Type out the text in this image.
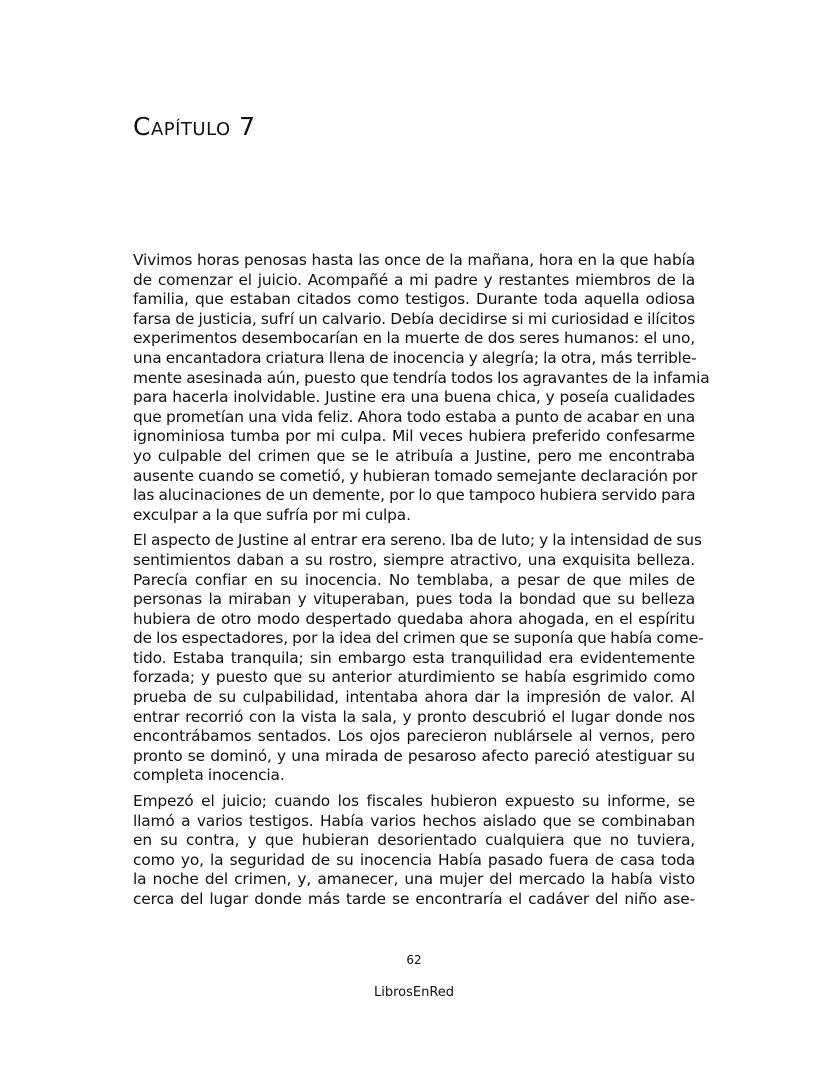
Capítulo 7

Vivimos horas penosas hasta las once de la mañana, hora en la que había
de comenzar el juicio. Acompañé a mi padre y restantes miembros de la
familia, que estaban citados como testigos. Durante toda aquella odiosa
farsa de justicia, sufrí un calvario. Debía decidirse si mi curiosidad e ilícitos
experimentos desembocarían en la muerte de dos seres humanos: el uno,
una encantadora criatura llena de inocencia y alegría; la otra, más terrible-
mente asesinada aún, puesto que tendría todos los agravantes de la infamia
para hacerla inolvidable. Justine era una buena chica, y poseía cualidades
que prometían una vida feliz. Ahora todo estaba a punto de acabar en una
ignominiosa tumba por mi culpa. Mil veces hubiera preferido confesarme
yo culpable del crimen que se le atribuía a Justine, pero me encontraba
ausente cuando se cometió, y hubieran tomado semejante declaración por
las alucinaciones de un demente, por lo que tampoco hubiera servido para
exculpar a la que sufría por mi culpa.

El aspecto de Justine al entrar era sereno. Iba de luto; y la intensidad de sus
sentimientos daban a su rostro, siempre atractivo, una exquisita belleza.
Parecía confiar en su inocencia. No temblaba, a pesar de que miles de
personas la miraban y vituperaban, pues toda la bondad que su belleza
hubiera de otro modo despertado quedaba ahora ahogada, en el espíritu
de los espectadores, por la idea del crimen que se suponía que había come-
tido. Estaba tranquila; sin embargo esta tranquilidad era evidentemente
forzada; y puesto que su anterior aturdimiento se había esgrimido como
prueba de su culpabilidad, intentaba ahora dar la impresión de valor. Al
entrar recorrió con la vista la sala, y pronto descubrió el lugar donde nos
encontrábamos sentados. Los ojos parecieron nublársele al vernos, pero
pronto se dominó, y una mirada de pesaroso afecto pareció atestiguar su
completa inocencia.

Empezó el juicio; cuando los fiscales hubieron expuesto su informe, se
llamó a varios testigos. Había varios hechos aislado que se combinaban
en su contra, y que hubieran desorientado cualquiera que no tuviera,
como yo, la seguridad de su inocencia Había pasado fuera de casa toda
la noche del crimen, y, amanecer, una mujer del mercado la había visto
cerca del lugar donde más tarde se encontraría el cadáver del niño ase-

62
LibrosEnRed
